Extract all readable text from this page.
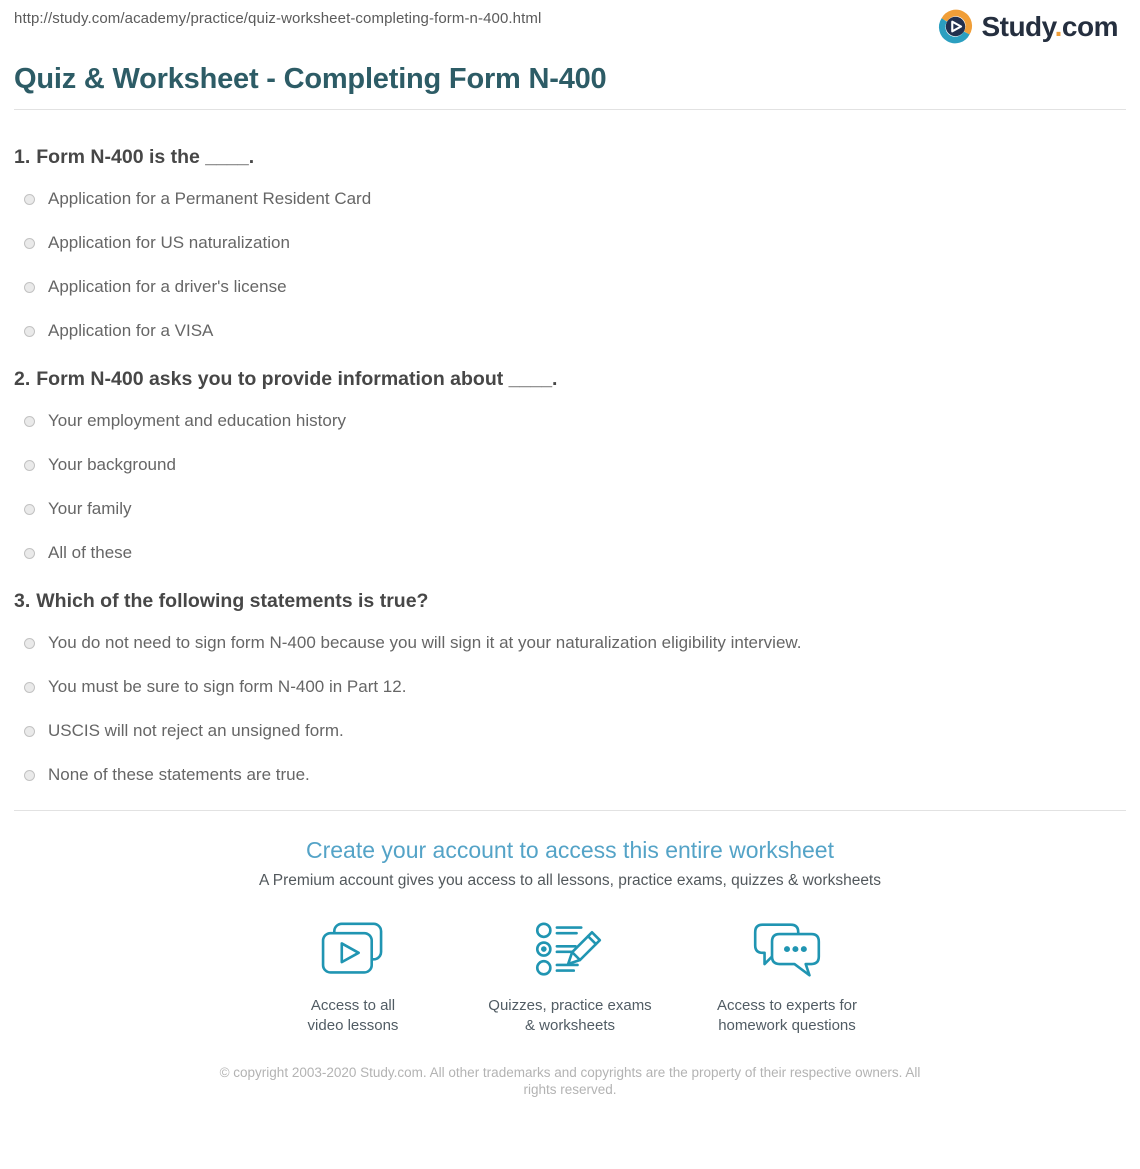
http://study.com/academy/practice/quiz-worksheet-completing-form-n-400.html	Study.com
Quiz & Worksheet - Completing Form N-400
1. Form N-400 is the ____.
Application for a Permanent Resident Card
Application for US naturalization
Application for a driver's license
Application for a VISA
2. Form N-400 asks you to provide information about ____.
Your employment and education history
Your background
Your family
All of these
3. Which of the following statements is true?
You do not need to sign form N-400 because you will sign it at your naturalization eligibility interview.
You must be sure to sign form N-400 in Part 12.
USCIS will not reject an unsigned form.
None of these statements are true.
Create your account to access this entire worksheet
A Premium account gives you access to all lessons, practice exams, quizzes & worksheets
Access to all
video lessons
Quizzes, practice exams
& worksheets
Access to experts for
homework questions
© copyright 2003-2020 Study.com. All other trademarks and copyrights are the property of their respective owners. All rights reserved.
